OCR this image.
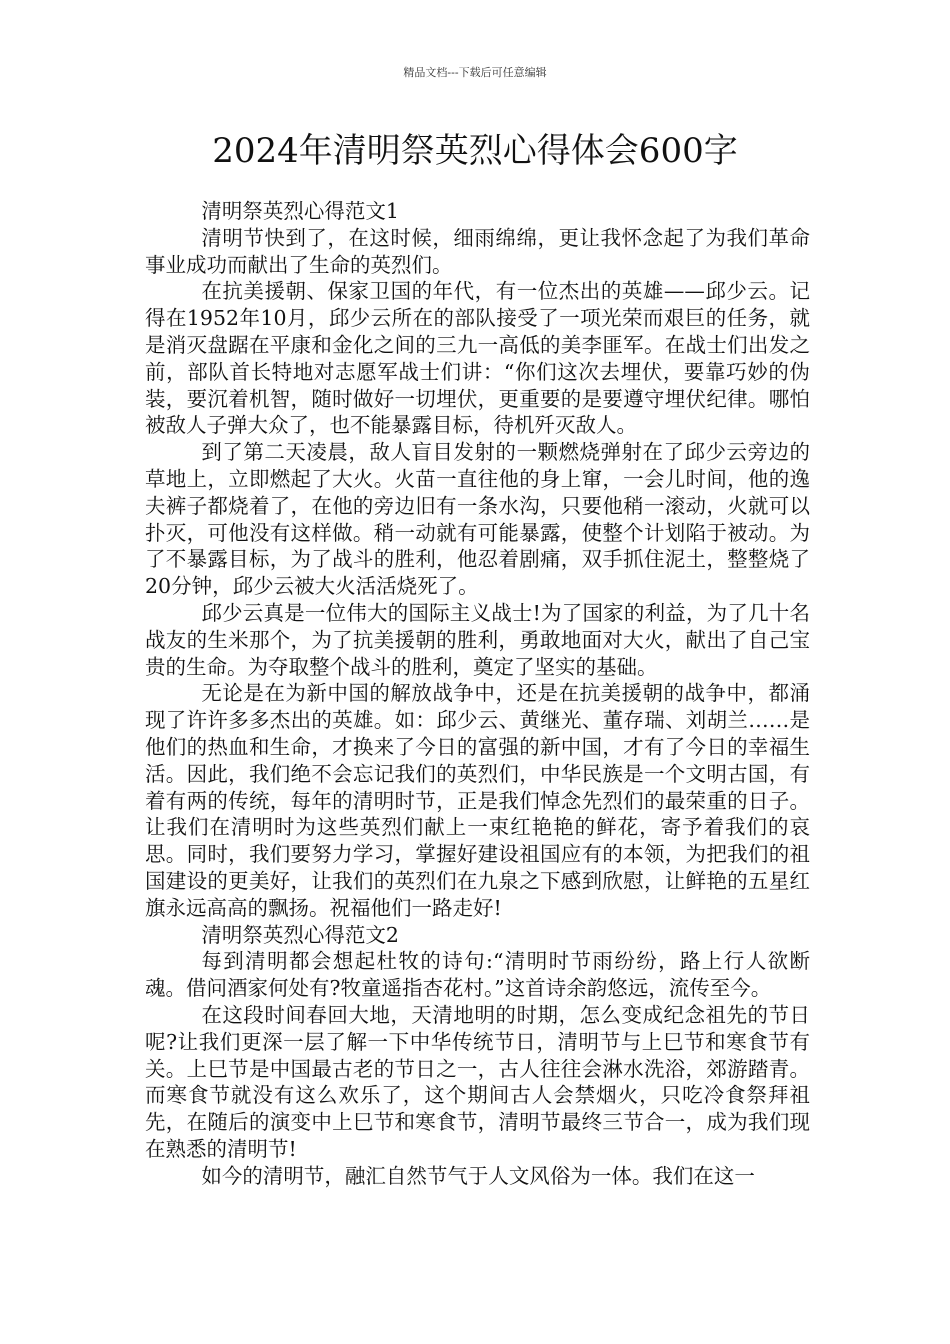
精品文档---下载后可任意编辑
2024年清明祭英烈心得体会600字

清明祭英烈心得范文1

清明节快到了，在这时候，细雨绵绵，更让我怀念起了为我们革命事业成功而献出了生命的英烈们。

在抗美援朝、保家卫国的年代，有一位杰出的英雄——邱少云。记得在1952年10月，邱少云所在的部队接受了一项光荣而艰巨的任务，就是消灭盘踞在平康和金化之间的三九一高低的美李匪军。在战士们出发之前，部队首长特地对志愿军战士们讲：“你们这次去埋伏，要靠巧妙的伪装，要沉着机智，随时做好一切埋伏，更重要的是要遵守埋伏纪律。哪怕被敌人子弹大众了，也不能暴露目标，待机歼灭敌人。

到了第二天凌晨，敌人盲目发射的一颗燃烧弹射在了邱少云旁边的草地上，立即燃起了大火。火苗一直往他的身上窜，一会儿时间，他的逸夫裤子都烧着了，在他的旁边旧有一条水沟，只要他稍一滚动，火就可以扑灭，可他没有这样做。稍一动就有可能暴露，使整个计划陷于被动。为了不暴露目标，为了战斗的胜利，他忍着剧痛，双手抓住泥土，整整烧了20分钟，邱少云被大火活活烧死了。

邱少云真是一位伟大的国际主义战士!为了国家的利益，为了几十名战友的生米那个，为了抗美援朝的胜利，勇敢地面对大火，献出了自己宝贵的生命。为夺取整个战斗的胜利，奠定了坚实的基础。

无论是在为新中国的解放战争中，还是在抗美援朝的战争中，都涌现了许许多多杰出的英雄。如：邱少云、黄继光、董存瑞、刘胡兰……是他们的热血和生命，才换来了今日的富强的新中国，才有了今日的幸福生活。因此，我们绝不会忘记我们的英烈们，中华民族是一个文明古国，有着有两的传统，每年的清明时节，正是我们悼念先烈们的最荣重的日子。让我们在清明时为这些英烈们献上一束红艳艳的鲜花，寄予着我们的哀思。同时，我们要努力学习，掌握好建设祖国应有的本领，为把我们的祖国建设的更美好，让我们的英烈们在九泉之下感到欣慰，让鲜艳的五星红旗永远高高的飘扬。祝福他们一路走好!

清明祭英烈心得范文2

每到清明都会想起杜牧的诗句:“清明时节雨纷纷，路上行人欲断魂。借问酒家何处有?牧童遥指杏花村。”这首诗余韵悠远，流传至今。

在这段时间春回大地，天清地明的时期，怎么变成纪念祖先的节日呢?让我们更深一层了解一下中华传统节日，清明节与上巳节和寒食节有关。上巳节是中国最古老的节日之一，古人往往会淋水洗浴，郊游踏青。而寒食节就没有这么欢乐了，这个期间古人会禁烟火，只吃冷食祭拜祖先，在随后的演变中上巳节和寒食节，清明节最终三节合一，成为我们现在熟悉的清明节!

如今的清明节，融汇自然节气于人文风俗为一体。我们在这一
